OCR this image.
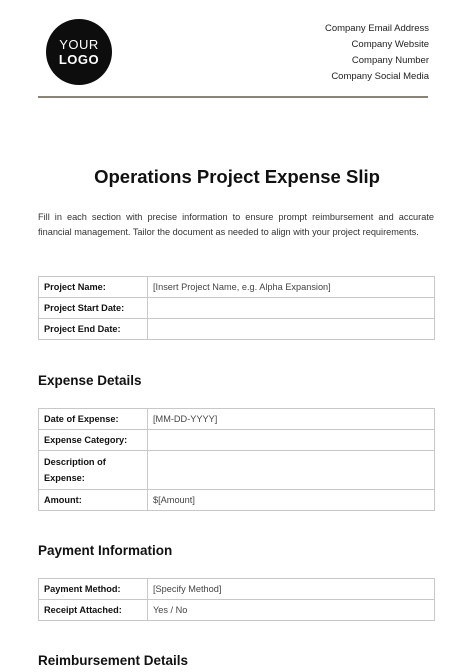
YOUR
LOGO
Company Email Address
Company Website
Company Number
Company Social Media
Operations Project Expense Slip
Fill in each section with precise information to ensure prompt reimbursement and accurate financial management. Tailor the document as needed to align with your project requirements.
Project Name:	[Insert Project Name, e.g. Alpha Expansion]
Project Start Date:	
Project End Date:	
Expense Details
Date of Expense:	[MM-DD-YYYY]
Expense Category:	
Description of Expense:	
Amount:	$[Amount]
Payment Information
Payment Method:	[Specify Method]
Receipt Attached:	Yes / No
Reimbursement Details
